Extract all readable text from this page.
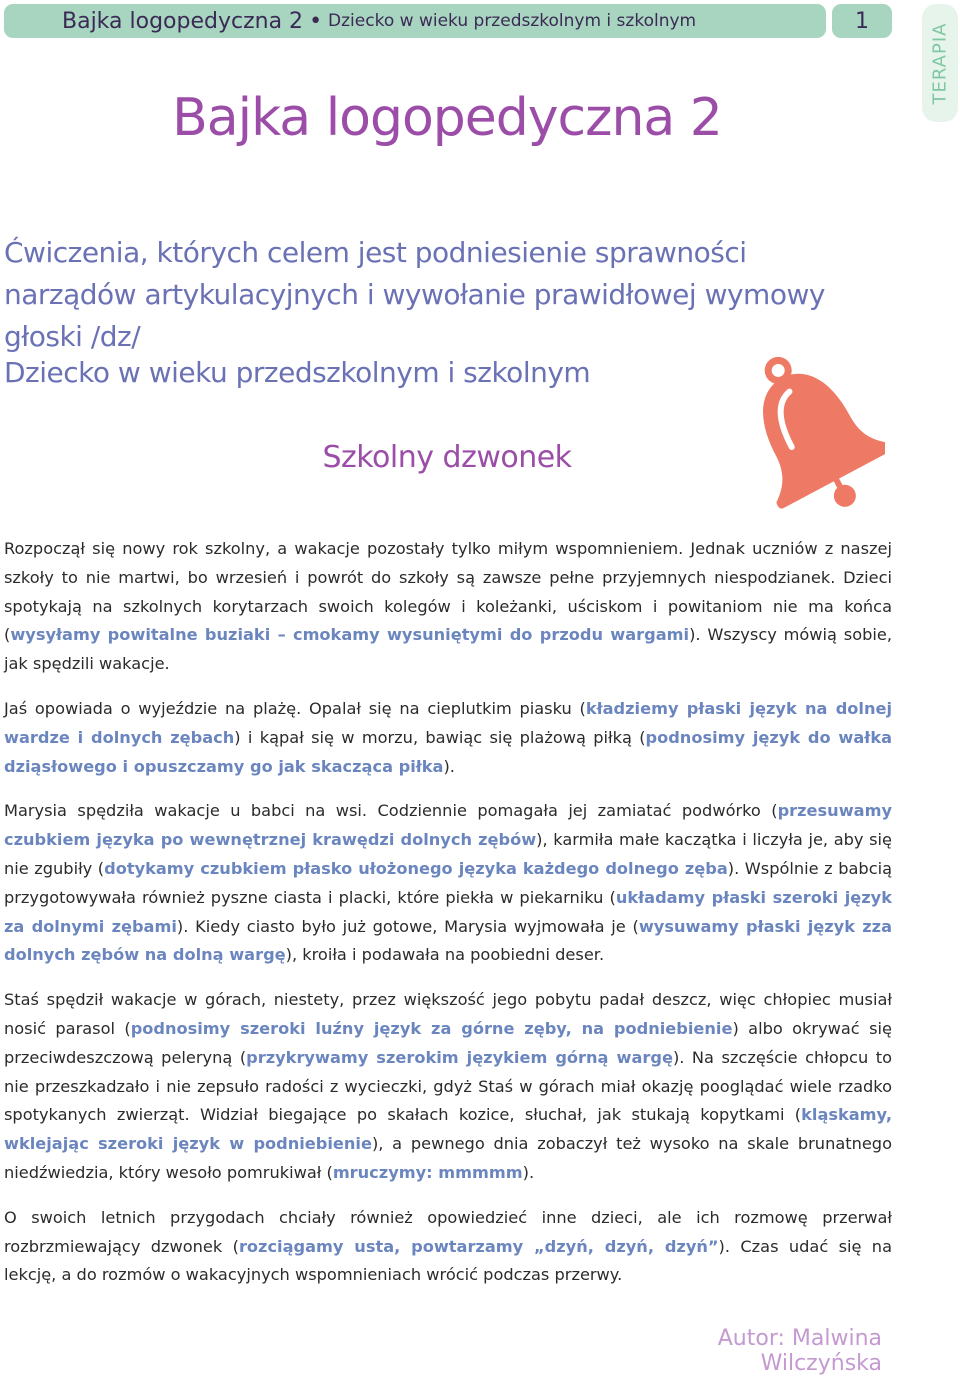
Bajka logopedyczna 2 • Dziecko w wieku przedszkolnym i szkolnym	1
TERAPIA
Bajka logopedyczna 2
Ćwiczenia, których celem jest podniesienie sprawności narządów artykulacyjnych i wywołanie prawidłowej wymowy głoski /dz/
Dziecko w wieku przedszkolnym i szkolnym
Szkolny dzwonek

Rozpoczął się nowy rok szkolny, a wakacje pozostały tylko miłym wspomnieniem. Jednak uczniów z naszej szkoły to nie martwi, bo wrzesień i powrót do szkoły są zawsze pełne przyjemnych niespodzianek. Dzieci spotykają na szkolnych korytarzach swoich kolegów i koleżanki, uściskom i powitaniom nie ma końca (wysyłamy powitalne buziaki – cmokamy wysuniętymi do przodu wargami). Wszyscy mówią sobie, jak spędzili wakacje.

Jaś opowiada o wyjeździe na plażę. Opalał się na cieplutkim piasku (kładziemy płaski język na dolnej wardze i dolnych zębach) i kąpał się w morzu, bawiąc się plażową piłką (podnosimy język do wałka dziąsłowego i opuszczamy go jak skacząca piłka).

Marysia spędziła wakacje u babci na wsi. Codziennie pomagała jej zamiatać podwórko (przesuwamy czubkiem języka po wewnętrznej krawędzi dolnych zębów), karmiła małe kaczątka i liczyła je, aby się nie zgubiły (dotykamy czubkiem płasko ułożonego języka każdego dolnego zęba). Wspólnie z babcią przygotowywała również pyszne ciasta i placki, które piekła w piekarniku (układamy płaski szeroki język za dolnymi zębami). Kiedy ciasto było już gotowe, Marysia wyjmowała je (wysuwamy płaski język zza dolnych zębów na dolną wargę), kroiła i podawała na poobiedni deser.

Staś spędził wakacje w górach, niestety, przez większość jego pobytu padał deszcz, więc chłopiec musiał nosić parasol (podnosimy szeroki luźny język za górne zęby, na podniebienie) albo okrywać się przeciwdeszczową peleryną (przykrywamy szerokim językiem górną wargę). Na szczęście chłopcu to nie przeszkadzało i nie zepsuło radości z wycieczki, gdyż Staś w górach miał okazję pooglądać wiele rzadko spotykanych zwierząt. Widział biegające po skałach kozice, słuchał, jak stukają kopytkami (kląskamy, wklejając szeroki język w podniebienie), a pewnego dnia zobaczył też wysoko na skale brunatnego niedźwiedzia, który wesoło pomrukiwał (mruczymy: mmmmm).

O swoich letnich przygodach chciały również opowiedzieć inne dzieci, ale ich rozmowę przerwał rozbrzmiewający dzwonek (rozciągamy usta, powtarzamy „dzyń, dzyń, dzyń”). Czas udać się na lekcję, a do rozmów o wakacyjnych wspomnieniach wrócić podczas przerwy.

Autor: Malwina Wilczyńska
